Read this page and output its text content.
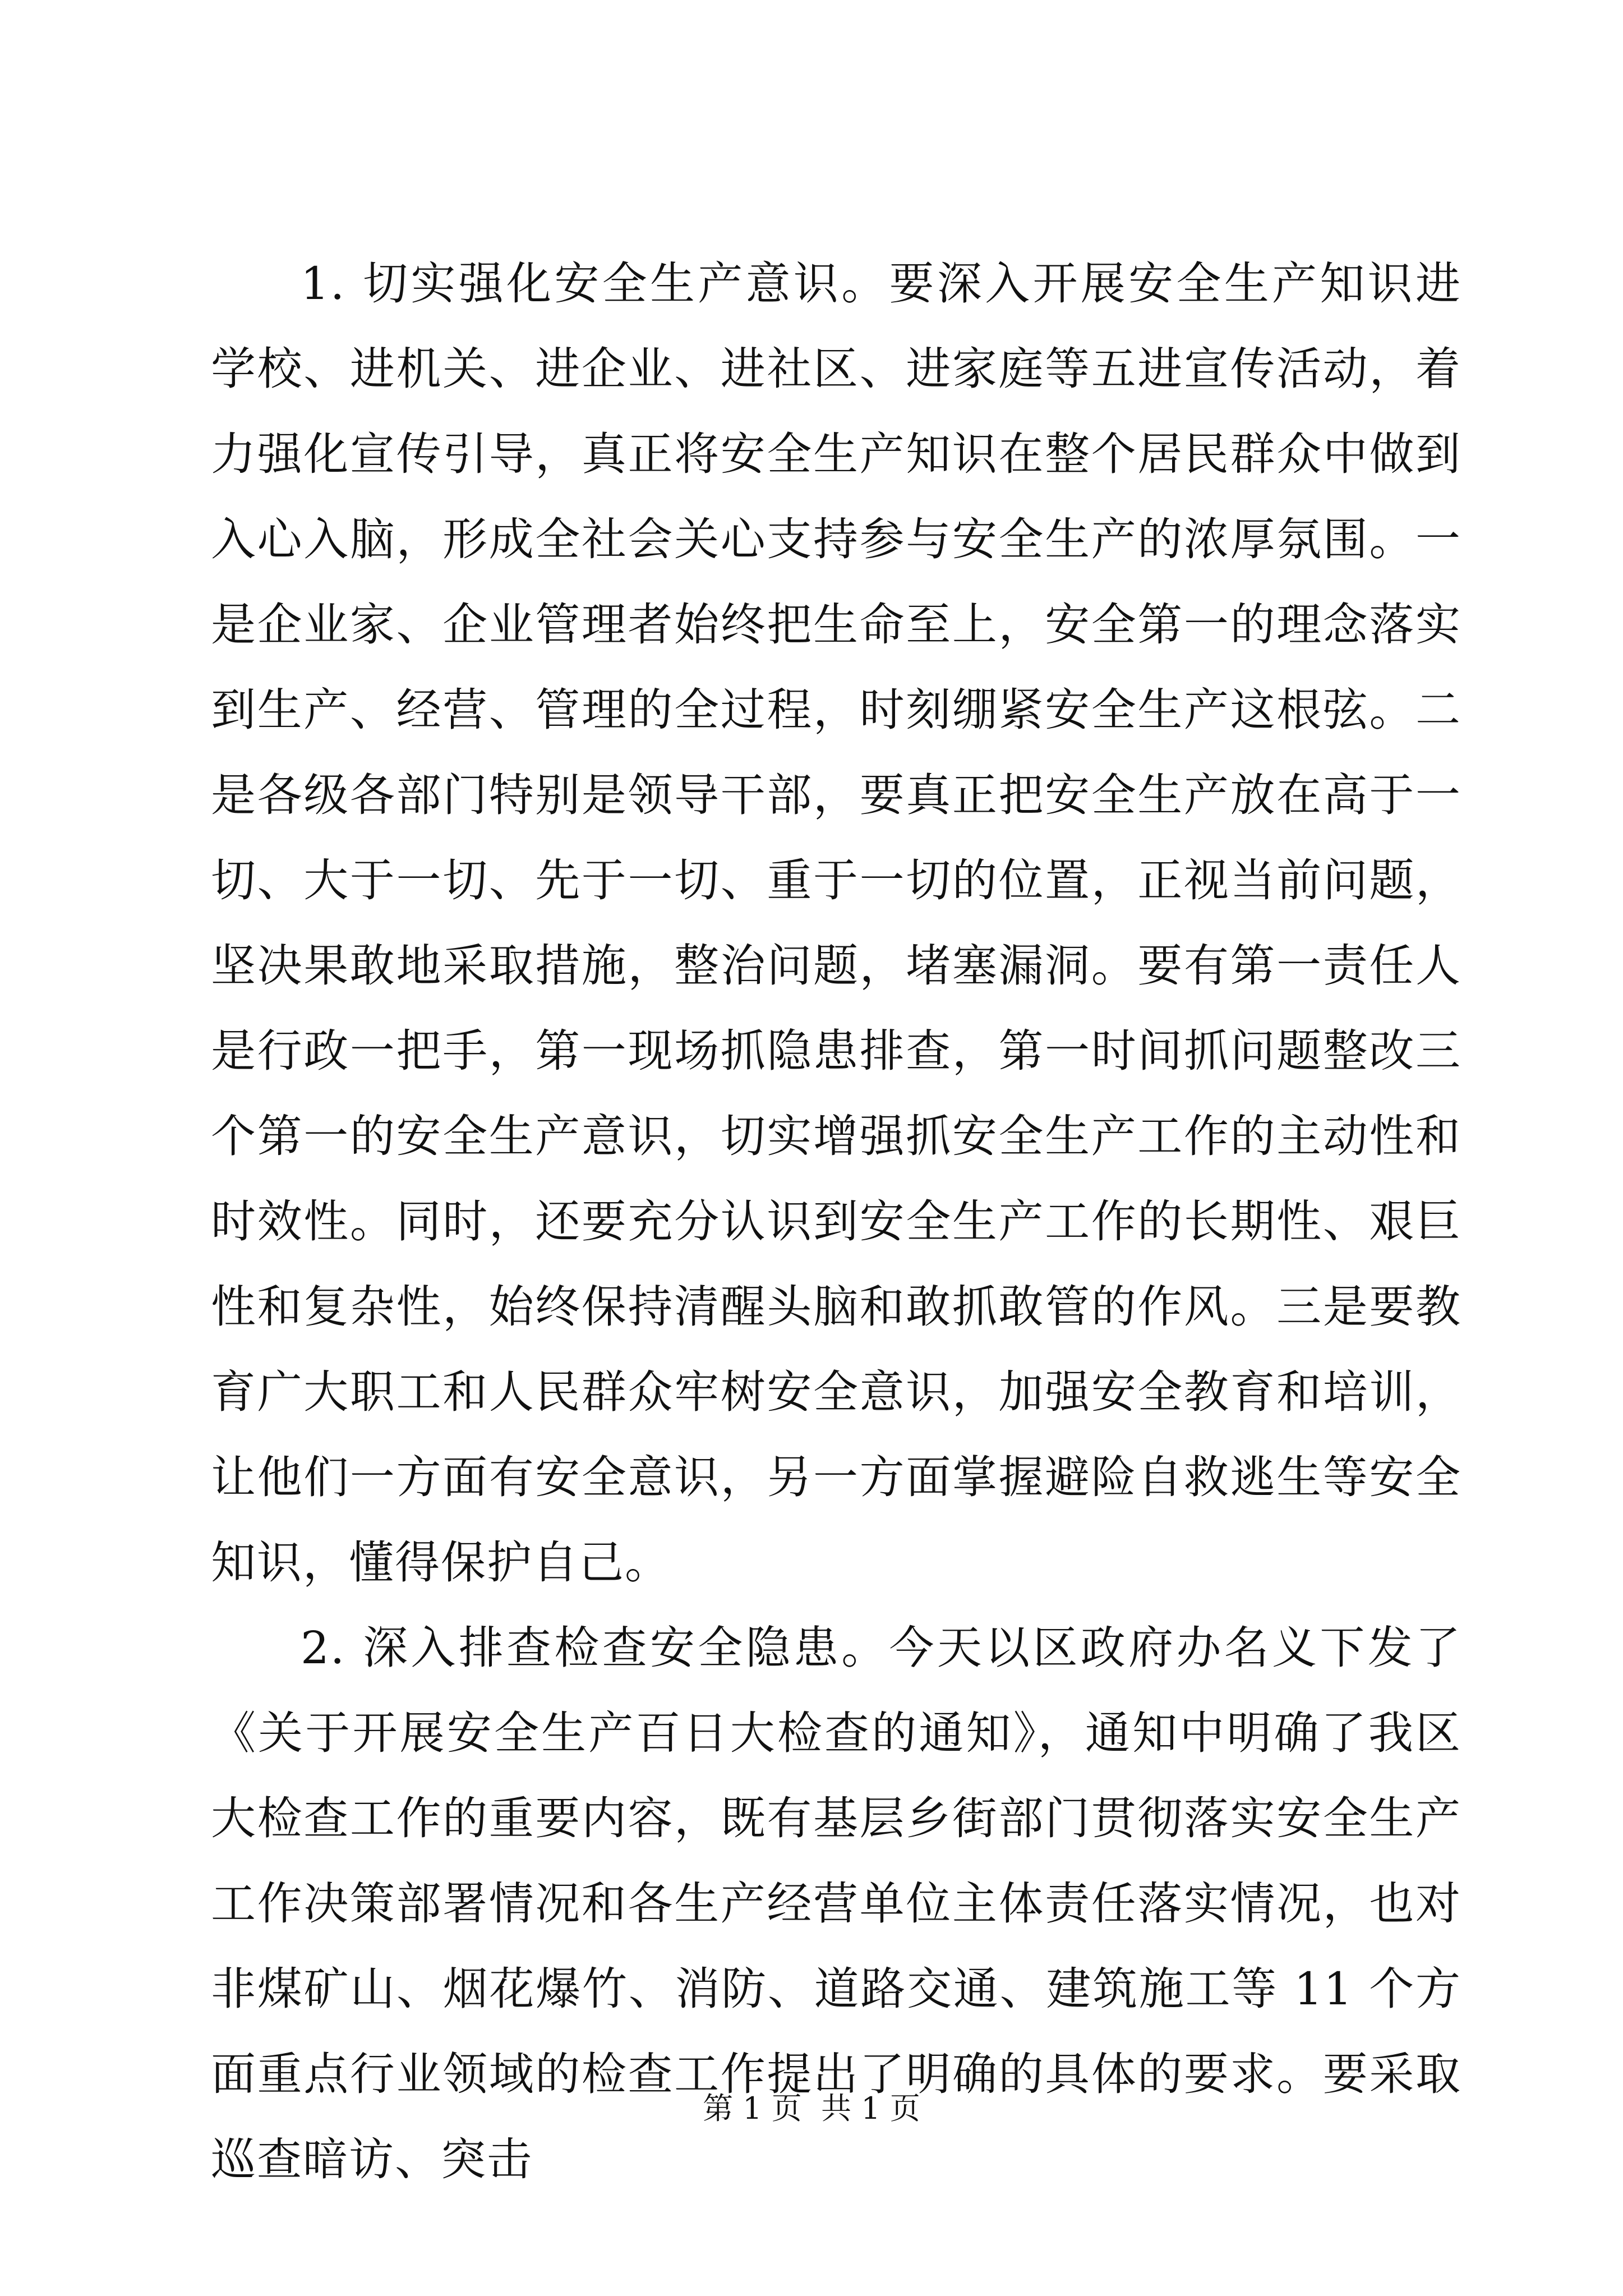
1. 切实强化安全生产意识。要深入开展安全生产知识进学校、进机关、进企业、进社区、进家庭等五进宣传活动，着力强化宣传引导，真正将安全生产知识在整个居民群众中做到入心入脑，形成全社会关心支持参与安全生产的浓厚氛围。一是企业家、企业管理者始终把生命至上，安全第一的理念落实到生产、经营、管理的全过程，时刻绷紧安全生产这根弦。二是各级各部门特别是领导干部，要真正把安全生产放在高于一切、大于一切、先于一切、重于一切的位置，正视当前问题，坚决果敢地采取措施，整治问题，堵塞漏洞。要有第一责任人是行政一把手，第一现场抓隐患排查，第一时间抓问题整改三个第一的安全生产意识，切实增强抓安全生产工作的主动性和时效性。同时，还要充分认识到安全生产工作的长期性、艰巨性和复杂性，始终保持清醒头脑和敢抓敢管的作风。三是要教育广大职工和人民群众牢树安全意识，加强安全教育和培训，让他们一方面有安全意识，另一方面掌握避险自救逃生等安全知识，懂得保护自己。

2. 深入排查检查安全隐患。今天以区政府办名义下发了《关于开展安全生产百日大检查的通知》，通知中明确了我区大检查工作的重要内容，既有基层乡街部门贯彻落实安全生产工作决策部署情况和各生产经营单位主体责任落实情况，也对非煤矿山、烟花爆竹、消防、道路交通、建筑施工等 11 个方面重点行业领域的检查工作提出了明确的具体的要求。要采取巡查暗访、突击

第 1 页  共 1 页
